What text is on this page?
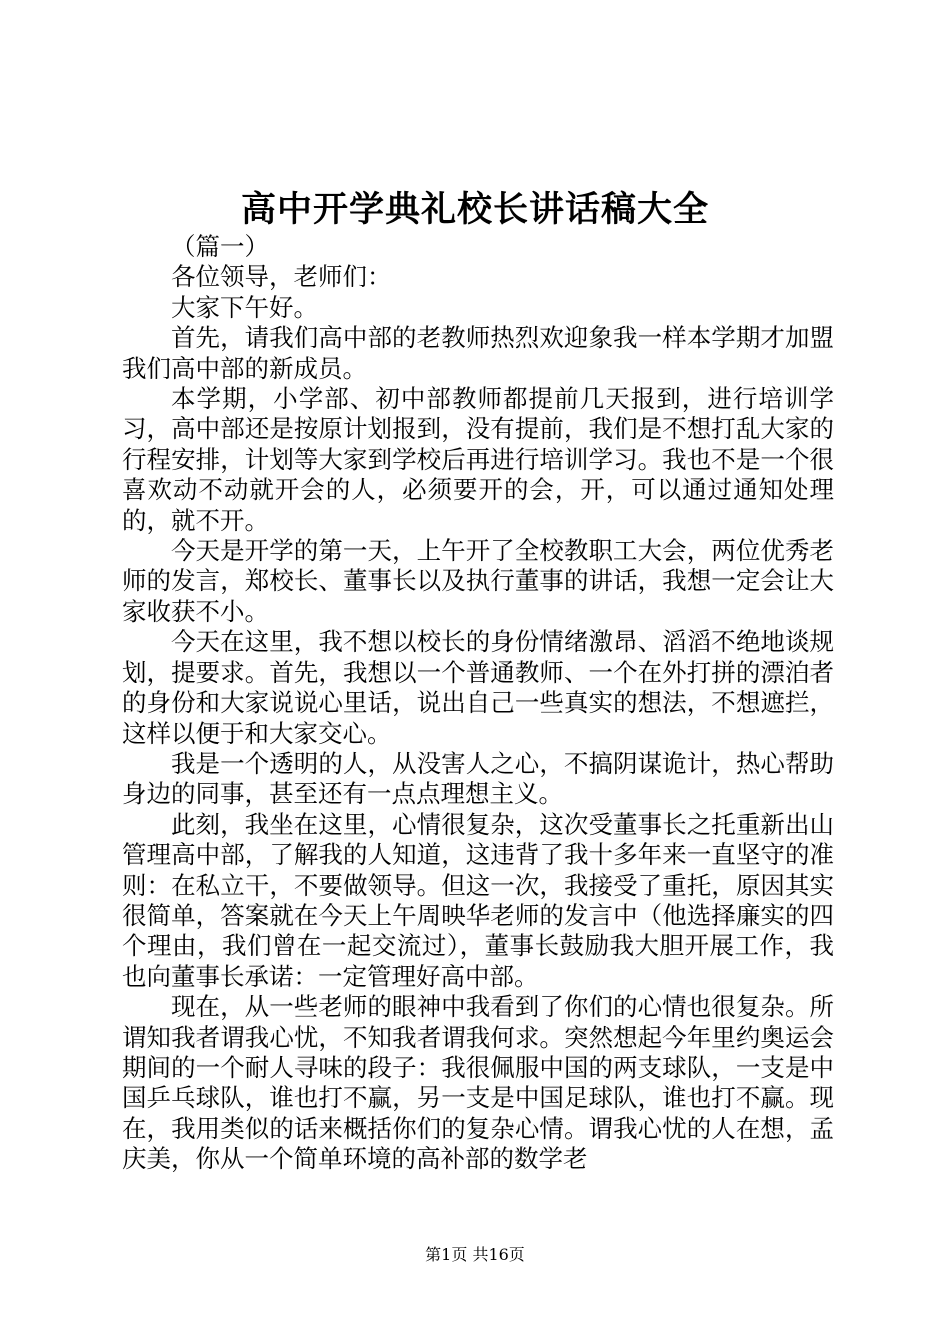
高中开学典礼校长讲话稿大全

（篇一）

各位领导，老师们：

大家下午好。

首先，请我们高中部的老教师热烈欢迎象我一样本学期才加盟我们高中部的新成员。

本学期，小学部、初中部教师都提前几天报到，进行培训学习，高中部还是按原计划报到，没有提前，我们是不想打乱大家的行程安排，计划等大家到学校后再进行培训学习。我也不是一个很喜欢动不动就开会的人，必须要开的会，开，可以通过通知处理的，就不开。

今天是开学的第一天，上午开了全校教职工大会，两位优秀老师的发言，郑校长、董事长以及执行董事的讲话，我想一定会让大家收获不小。

今天在这里，我不想以校长的身份情绪激昂、滔滔不绝地谈规划，提要求。首先，我想以一个普通教师、一个在外打拼的漂泊者的身份和大家说说心里话，说出自己一些真实的想法，不想遮拦，这样以便于和大家交心。

我是一个透明的人，从没害人之心，不搞阴谋诡计，热心帮助身边的同事，甚至还有一点点理想主义。

此刻，我坐在这里，心情很复杂，这次受董事长之托重新出山管理高中部，了解我的人知道，这违背了我十多年来一直坚守的准则：在私立干，不要做领导。但这一次，我接受了重托，原因其实很简单，答案就在今天上午周映华老师的发言中（他选择廉实的四个理由，我们曾在一起交流过），董事长鼓励我大胆开展工作，我也向董事长承诺：一定管理好高中部。

现在，从一些老师的眼神中我看到了你们的心情也很复杂。所谓知我者谓我心忧，不知我者谓我何求。突然想起今年里约奥运会期间的一个耐人寻味的段子：我很佩服中国的两支球队，一支是中国乒乓球队，谁也打不赢，另一支是中国足球队，谁也打不赢。现在，我用类似的话来概括你们的复杂心情。谓我心忧的人在想，孟庆美，你从一个简单环境的高补部的数学老

第1页 共16页
